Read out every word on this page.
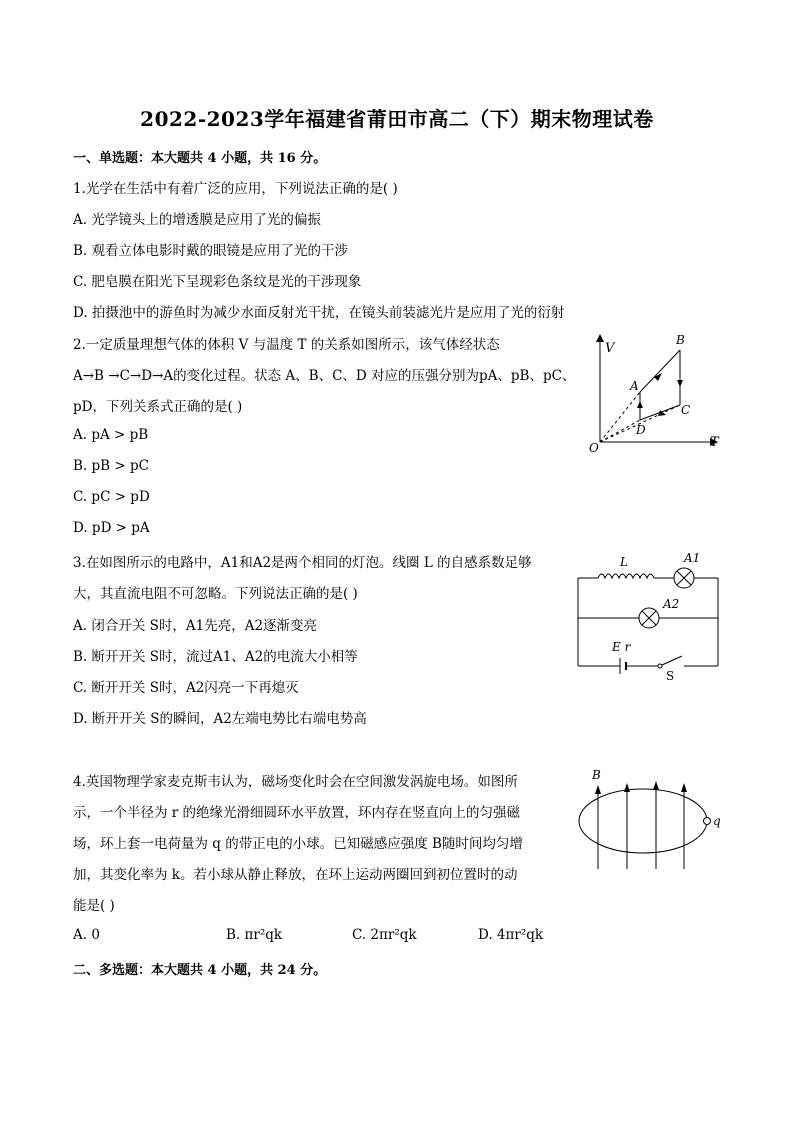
2022-2023学年福建省莆田市高二（下）期末物理试卷
一、单选题：本大题共 4 小题，共 16 分。
1.光学在生活中有着广泛的应用，下列说法正确的是( )
A. 光学镜头上的增透膜是应用了光的偏振
B. 观看立体电影时戴的眼镜是应用了光的干涉
C. 肥皂膜在阳光下呈现彩色条纹是光的干涉现象
D. 拍摄池中的游鱼时为减少水面反射光干扰，在镜头前装滤光片是应用了光的衍射
2.一定质量理想气体的体积 V 与温度 T 的关系如图所示，该气体经状态
A→B →C→D→A的变化过程。状态 A、B、C、D 对应的压强分别为pA、pB、pC、
pD，下列关系式正确的是( )
A. pA > pB
B. pB > pC
C. pC > pD
D. pD > pA
V
T
O
A
B
C
D
3.在如图所示的电路中，A1和A2是两个相同的灯泡。线圈 L 的自感系数足够
大，其直流电阻不可忽略。下列说法正确的是( )
A. 闭合开关 S时，A1先亮，A2逐渐变亮
B. 断开开关 S时，流过A1、A2的电流大小相等
C. 断开开关 S时，A2闪亮一下再熄灭
D. 断开开关 S的瞬间，A2左端电势比右端电势高
L	A1
A2
E r
S
4.英国物理学家麦克斯韦认为，磁场变化时会在空间激发涡旋电场。如图所
示，一个半径为 r 的绝缘光滑细圆环水平放置，环内存在竖直向上的匀强磁
场，环上套一电荷量为 q 的带正电的小球。已知磁感应强度 B随时间均匀增
加，其变化率为 k。若小球从静止释放，在环上运动两圈回到初位置时的动
能是( )
A. 0	B. πr²qk	C. 2πr²qk	D. 4πr²qk
B
q
二、多选题：本大题共 4 小题，共 24 分。
